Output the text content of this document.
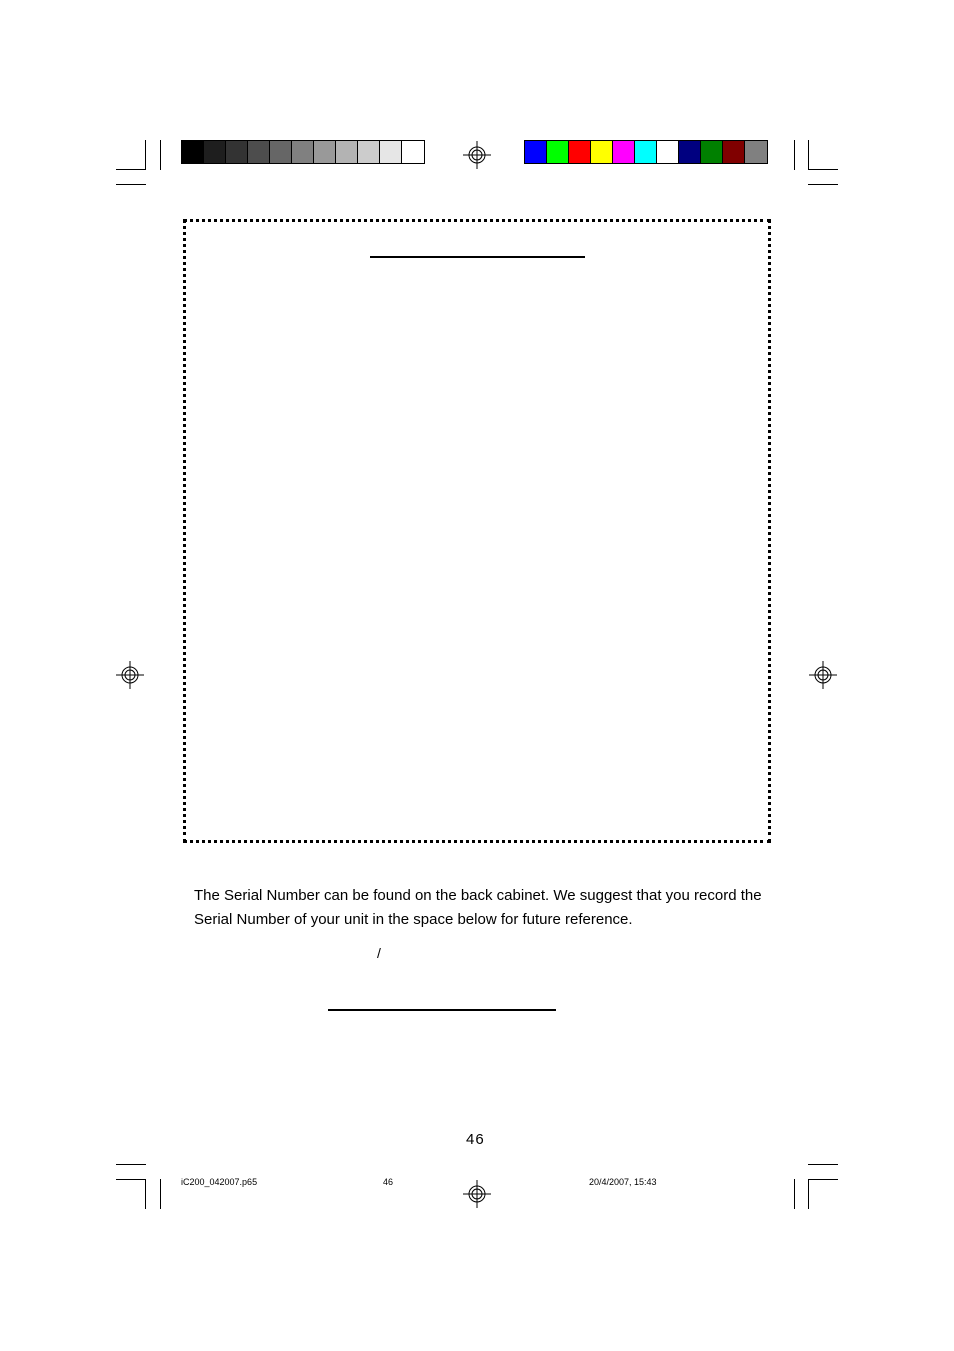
The Serial Number can be found on the back cabinet. We suggest that you record the Serial Number of your unit in the space below for future reference.
/
46
iC200_042007.p65	46	20/4/2007, 15:43
